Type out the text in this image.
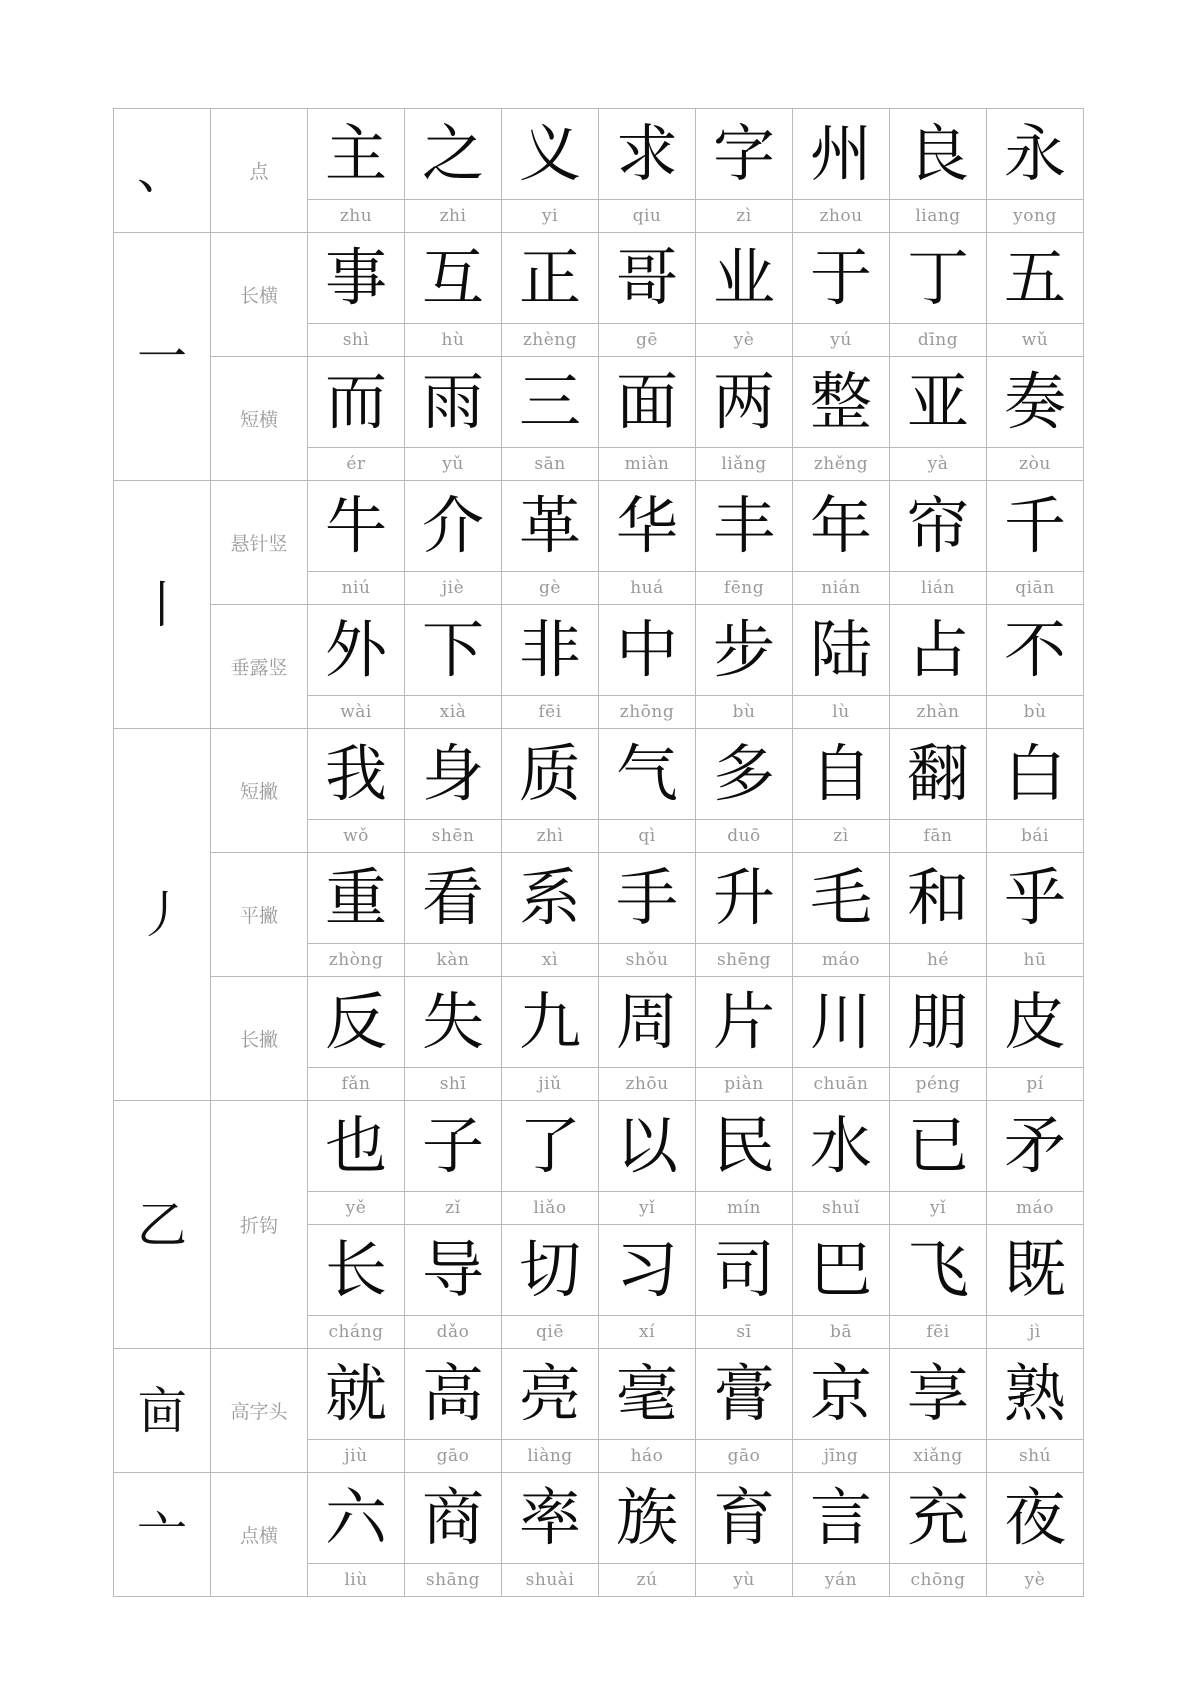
、	点	主	之	义	求	字	州	良	永
		zhu	zhi	yi	qiu	zì	zhou	liang	yong
一	长横	事	互	正	哥	业	于	丁	五
		shì	hù	zhèng	gē	yè	yú	dīng	wǔ
	短横	而	雨	三	面	两	整	亚	奏
		ér	yǔ	sān	miàn	liǎng	zhěng	yà	zòu
丨	悬针竖	牛	介	革	华	丰	年	帘	千
		niú	jiè	gè	huá	fēng	nián	lián	qiān
	垂露竖	外	下	非	中	步	陆	占	不
		wài	xià	fēi	zhōng	bù	lù	zhàn	bù
丿	短撇	我	身	质	气	多	自	翻	白
		wǒ	shēn	zhì	qì	duō	zì	fān	bái
	平撇	重	看	系	手	升	毛	和	乎
		zhòng	kàn	xì	shǒu	shēng	máo	hé	hū
	长撇	反	失	九	周	片	川	朋	皮
		fǎn	shī	jiǔ	zhōu	piàn	chuān	péng	pí
乙	折钩	也	子	了	以	民	水	已	矛
		yě	zǐ	liǎo	yǐ	mín	shuǐ	yǐ	máo
		长	导	切	习	司	巴	飞	既
		cháng	dǎo	qiē	xí	sī	bā	fēi	jì
㐭	高字头	就	高	亮	毫	膏	京	享	熟
		jiù	gāo	liàng	háo	gāo	jīng	xiǎng	shú
亠	点横	六	商	率	族	育	言	充	夜
		liù	shāng	shuài	zú	yù	yán	chōng	yè
